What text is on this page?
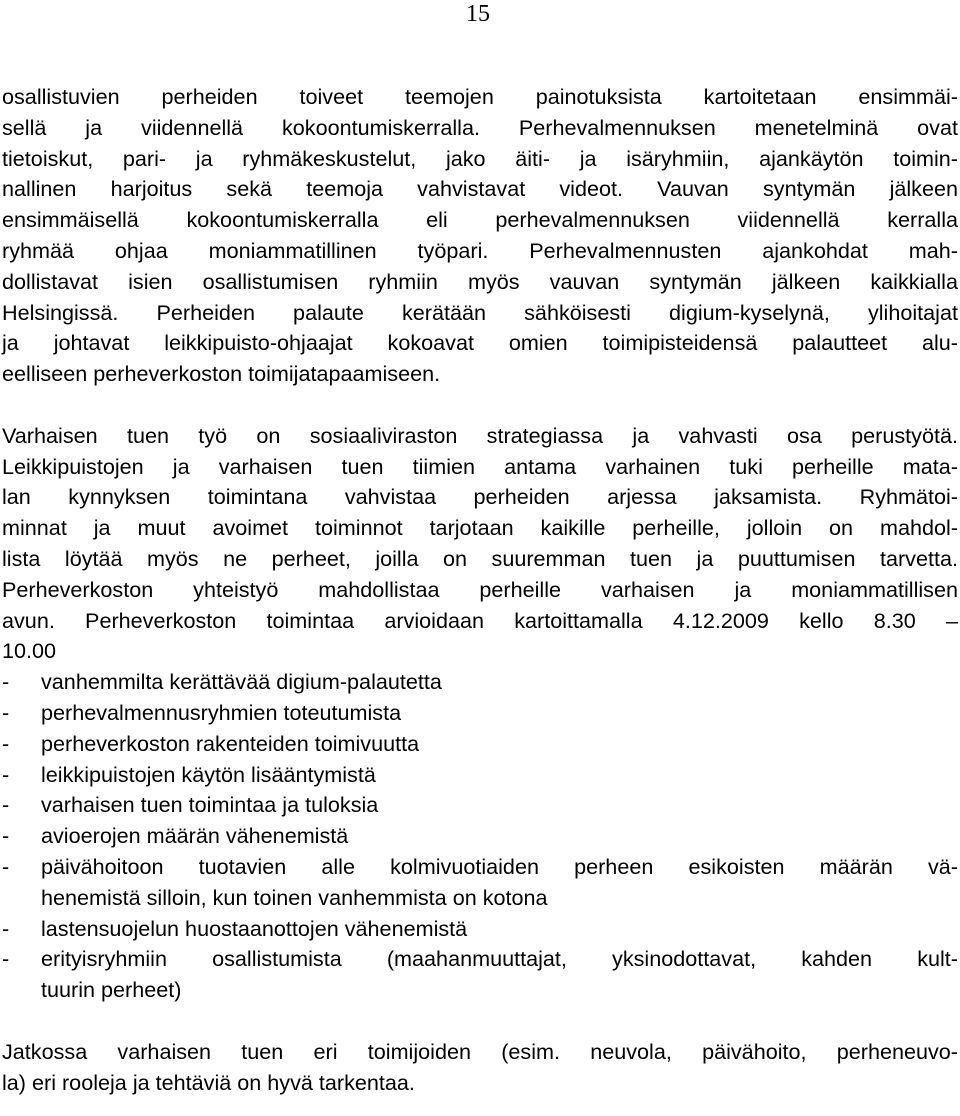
15
osallistuvien perheiden toiveet teemojen painotuksista kartoitetaan ensimmäi-
sellä ja viidennellä kokoontumiskerralla. Perhevalmennuksen menetelminä ovat
tietoiskut, pari- ja ryhmäkeskustelut, jako äiti- ja isäryhmiin, ajankäytön toimin-
nallinen harjoitus sekä teemoja vahvistavat videot. Vauvan syntymän jälkeen
ensimmäisellä kokoontumiskerralla eli perhevalmennuksen viidennellä kerralla
ryhmää ohjaa moniammatillinen työpari. Perhevalmennusten ajankohdat mah-
dollistavat isien osallistumisen ryhmiin myös vauvan syntymän jälkeen kaikkialla
Helsingissä. Perheiden palaute kerätään sähköisesti digium-kyselynä, ylihoitajat
ja johtavat leikkipuisto-ohjaajat kokoavat omien toimipisteidensä palautteet alu-
eelliseen perheverkoston toimijatapaamiseen.
Varhaisen tuen työ on sosiaaliviraston strategiassa ja vahvasti osa perustyötä.
Leikkipuistojen ja varhaisen tuen tiimien antama varhainen tuki perheille mata-
lan kynnyksen toimintana vahvistaa perheiden arjessa jaksamista. Ryhmätoi-
minnat ja muut avoimet toiminnot tarjotaan kaikille perheille, jolloin on mahdol-
lista löytää myös ne perheet, joilla on suuremman tuen ja puuttumisen tarvetta.
Perheverkoston yhteistyö mahdollistaa perheille varhaisen ja moniammatillisen
avun. Perheverkoston toimintaa arvioidaan kartoittamalla 4.12.2009 kello 8.30 –
10.00
- vanhemmilta kerättävää digium-palautetta
- perhevalmennusryhmien toteutumista
- perheverkoston rakenteiden toimivuutta
- leikkipuistojen käytön lisääntymistä
- varhaisen tuen toimintaa ja tuloksia
- avioerojen määrän vähenemistä
- päivähoitoon tuotavien alle kolmivuotiaiden perheen esikoisten määrän vä-
henemistä silloin, kun toinen vanhemmista on kotona
- lastensuojelun huostaanottojen vähenemistä
- erityisryhmiin osallistumista (maahanmuuttajat, yksinodottavat, kahden kult-
tuurin perheet)
Jatkossa varhaisen tuen eri toimijoiden (esim. neuvola, päivähoito, perheneuvo-
la) eri rooleja ja tehtäviä on hyvä tarkentaa.
